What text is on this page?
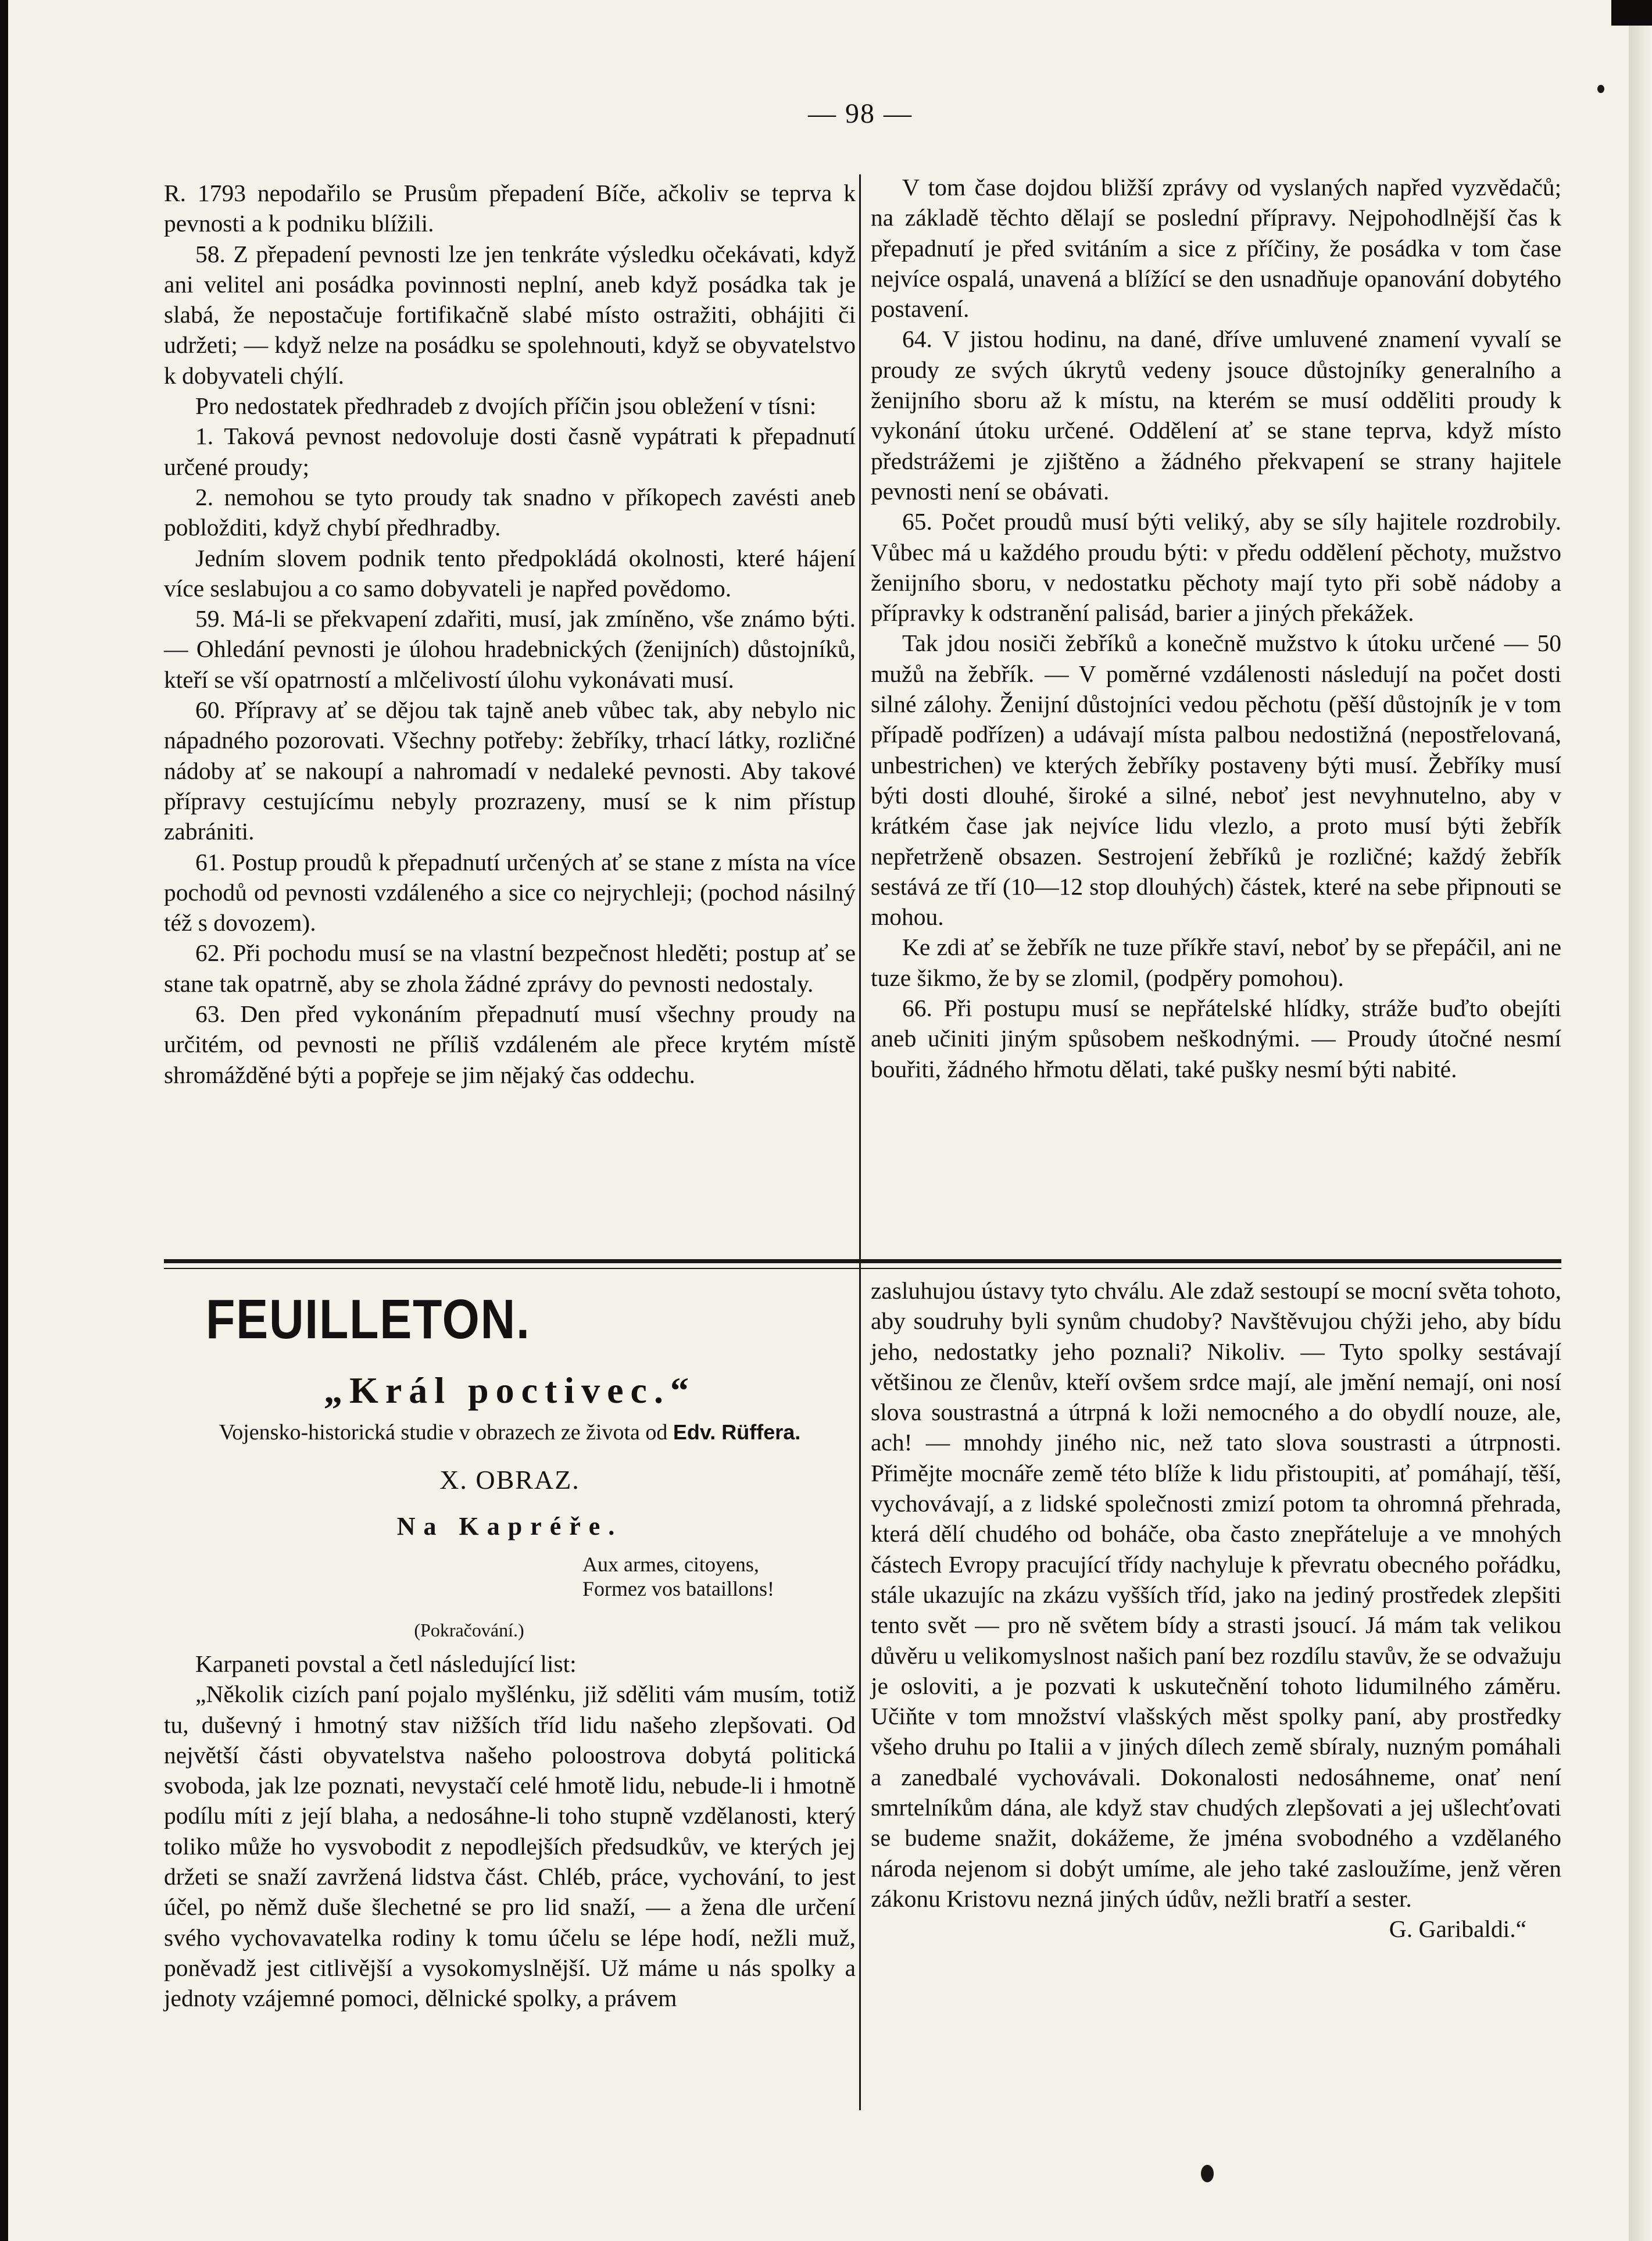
— 98 —

R. 1793 nepodařilo se Prusům přepadení Bíče, ačkoliv se teprva k pevnosti a k podniku blížili.

58. Z přepadení pevnosti lze jen tenkráte výsledku očekávati, když ani velitel ani posádka povinnosti neplní, aneb když posádka tak je slabá, že nepostačuje fortifikačně slabé místo ostražiti, obhájiti či udržeti; — když nelze na posádku se spolehnouti, když se obyvatelstvo k dobyvateli chýlí.

Pro nedostatek předhradeb z dvojích příčin jsou obležení v tísni:

1. Taková pevnost nedovoluje dosti časně vypátrati k přepadnutí určené proudy;

2. nemohou se tyto proudy tak snadno v příkopech zavésti aneb pobložditi, když chybí předhradby.

Jedním slovem podnik tento předpokládá okolnosti, které hájení více seslabujou a co samo dobyvateli je napřed povědomo.

59. Má-li se překvapení zdařiti, musí, jak zmíněno, vše známo býti. — Ohledání pevnosti je úlohou hradebnických (ženijních) důstojníků, kteří se vší opatrností a mlčelivostí úlohu vykonávati musí.

60. Přípravy ať se dějou tak tajně aneb vůbec tak, aby nebylo nic nápadného pozorovati. Všechny potřeby: žebříky, trhací látky, rozličné nádoby ať se nakoupí a nahromadí v nedaleké pevnosti. Aby takové přípravy cestujícímu nebyly prozrazeny, musí se k nim přístup zabrániti.

61. Postup proudů k přepadnutí určených ať se stane z místa na více pochodů od pevnosti vzdáleného a sice co nejrychleji; (pochod násilný též s dovozem).

62. Při pochodu musí se na vlastní bezpečnost hleděti; postup ať se stane tak opatrně, aby se zhola žádné zprávy do pevnosti nedostaly.

63. Den před vykonáním přepadnutí musí všechny proudy na určitém, od pevnosti ne příliš vzdáleném ale přece krytém místě shromážděné býti a popřeje se jim nějaký čas oddechu.

V tom čase dojdou bližší zprávy od vyslaných napřed vyzvědačů; na základě těchto dělají se poslední přípravy. Nejpohodlnější čas k přepadnutí je před svitáním a sice z příčiny, že posádka v tom čase nejvíce ospalá, unavená a blížící se den usnadňuje opanování dobytého postavení.

64. V jistou hodinu, na dané, dříve umluvené znamení vyvalí se proudy ze svých úkrytů vedeny jsouce důstojníky generalního a ženijního sboru až k místu, na kterém se musí odděliti proudy k vykonání útoku určené. Oddělení ať se stane teprva, když místo předstrážemi je zjištěno a žádného překvapení se strany hajitele pevnosti není se obávati.

65. Počet proudů musí býti veliký, aby se síly hajitele rozdrobily. Vůbec má u každého proudu býti: v předu oddělení pěchoty, mužstvo ženijního sboru, v nedostatku pěchoty mají tyto při sobě nádoby a přípravky k odstranění palisád, barier a jiných překážek.

Tak jdou nosiči žebříků a konečně mužstvo k útoku určené — 50 mužů na žebřík. — V poměrné vzdálenosti následují na počet dosti silné zálohy. Ženijní důstojníci vedou pěchotu (pěší důstojník je v tom případě podřízen) a udávají místa palbou nedostižná (nepostřelovaná, unbestrichen) ve kterých žebříky postaveny býti musí. Žebříky musí býti dosti dlouhé, široké a silné, neboť jest nevyhnutelno, aby v krátkém čase jak nejvíce lidu vlezlo, a proto musí býti žebřík nepřetrženě obsazen. Sestrojení žebříků je rozličné; každý žebřík sestává ze tří (10—12 stop dlouhých) částek, které na sebe připnouti se mohou.

Ke zdi ať se žebřík ne tuze příkře staví, neboť by se přepáčil, ani ne tuze šikmo, že by se zlomil, (podpěry pomohou).

66. Při postupu musí se nepřátelské hlídky, stráže buďto obejíti aneb učiniti jiným spůsobem neškodnými. — Proudy útočné nesmí bouřiti, žádného hřmotu dělati, také pušky nesmí býti nabité.

FEUILLETON.
„Král poctivec.“
Vojensko-historická studie v obrazech ze života od Edv. Rüffera.
X. OBRAZ.
Na Kapréře.
Aux armes, citoyens,
Formez vos bataillons!
(Pokračování.)

Karpaneti povstal a četl následující list:

„Několik cizích paní pojalo myšlénku, již sděliti vám musím, totiž tu, duševný i hmotný stav nižších tříd lidu našeho zlepšovati. Od největší části obyvatelstva našeho poloostrova dobytá politická svoboda, jak lze poznati, nevystačí celé hmotě lidu, nebude-li i hmotně podílu míti z její blaha, a nedosáhne-li toho stupně vzdělanosti, který toliko může ho vysvobodit z nepodlejších předsudkův, ve kterých jej držeti se snaží zavržená lidstva část. Chléb, práce, vychování, to jest účel, po němž duše šlechetné se pro lid snaží, — a žena dle určení svého vychovavatelka rodiny k tomu účelu se lépe hodí, nežli muž, poněvadž jest citlivější a vysokomyslnější. Už máme u nás spolky a jednoty vzájemné pomoci, dělnické spolky, a právem

zasluhujou ústavy tyto chválu. Ale zdaž sestoupí se mocní světa tohoto, aby soudruhy byli synům chudoby? Navštěvujou chýži jeho, aby bídu jeho, nedostatky jeho poznali? Nikoliv. — Tyto spolky sestávají většinou ze členův, kteří ovšem srdce mají, ale jmění nemají, oni nosí slova soustrastná a útrpná k loži nemocného a do obydlí nouze, ale, ach! — mnohdy jiného nic, než tato slova soustrasti a útrpnosti. Přimějte mocnáře země této blíže k lidu přistoupiti, ať pomáhají, těší, vychovávají, a z lidské společnosti zmizí potom ta ohromná přehrada, která dělí chudého od boháče, oba často znepřáteluje a ve mnohých částech Evropy pracující třídy nachyluje k převratu obecného pořádku, stále ukazujíc na zkázu vyšších tříd, jako na jediný prostředek zlepšiti tento svět — pro ně světem bídy a strasti jsoucí. Já mám tak velikou důvěru u velikomyslnost našich paní bez rozdílu stavův, že se odvažuju je osloviti, a je pozvati k uskutečnění tohoto lidumilného záměru. Učiňte v tom množství vlašských měst spolky paní, aby prostředky všeho druhu po Italii a v jiných dílech země sbíraly, nuzným pomáhali a zanedbalé vychovávali. Dokonalosti nedosáhneme, onať není smrtelníkům dána, ale když stav chudých zlepšovati a jej ušlechťovati se budeme snažit, dokážeme, že jména svobodného a vzdělaného národa nejenom si dobýt umíme, ale jeho také zasloužíme, jenž věren zákonu Kristovu nezná jiných údův, nežli bratří a sester.

G. Garibaldi.“
